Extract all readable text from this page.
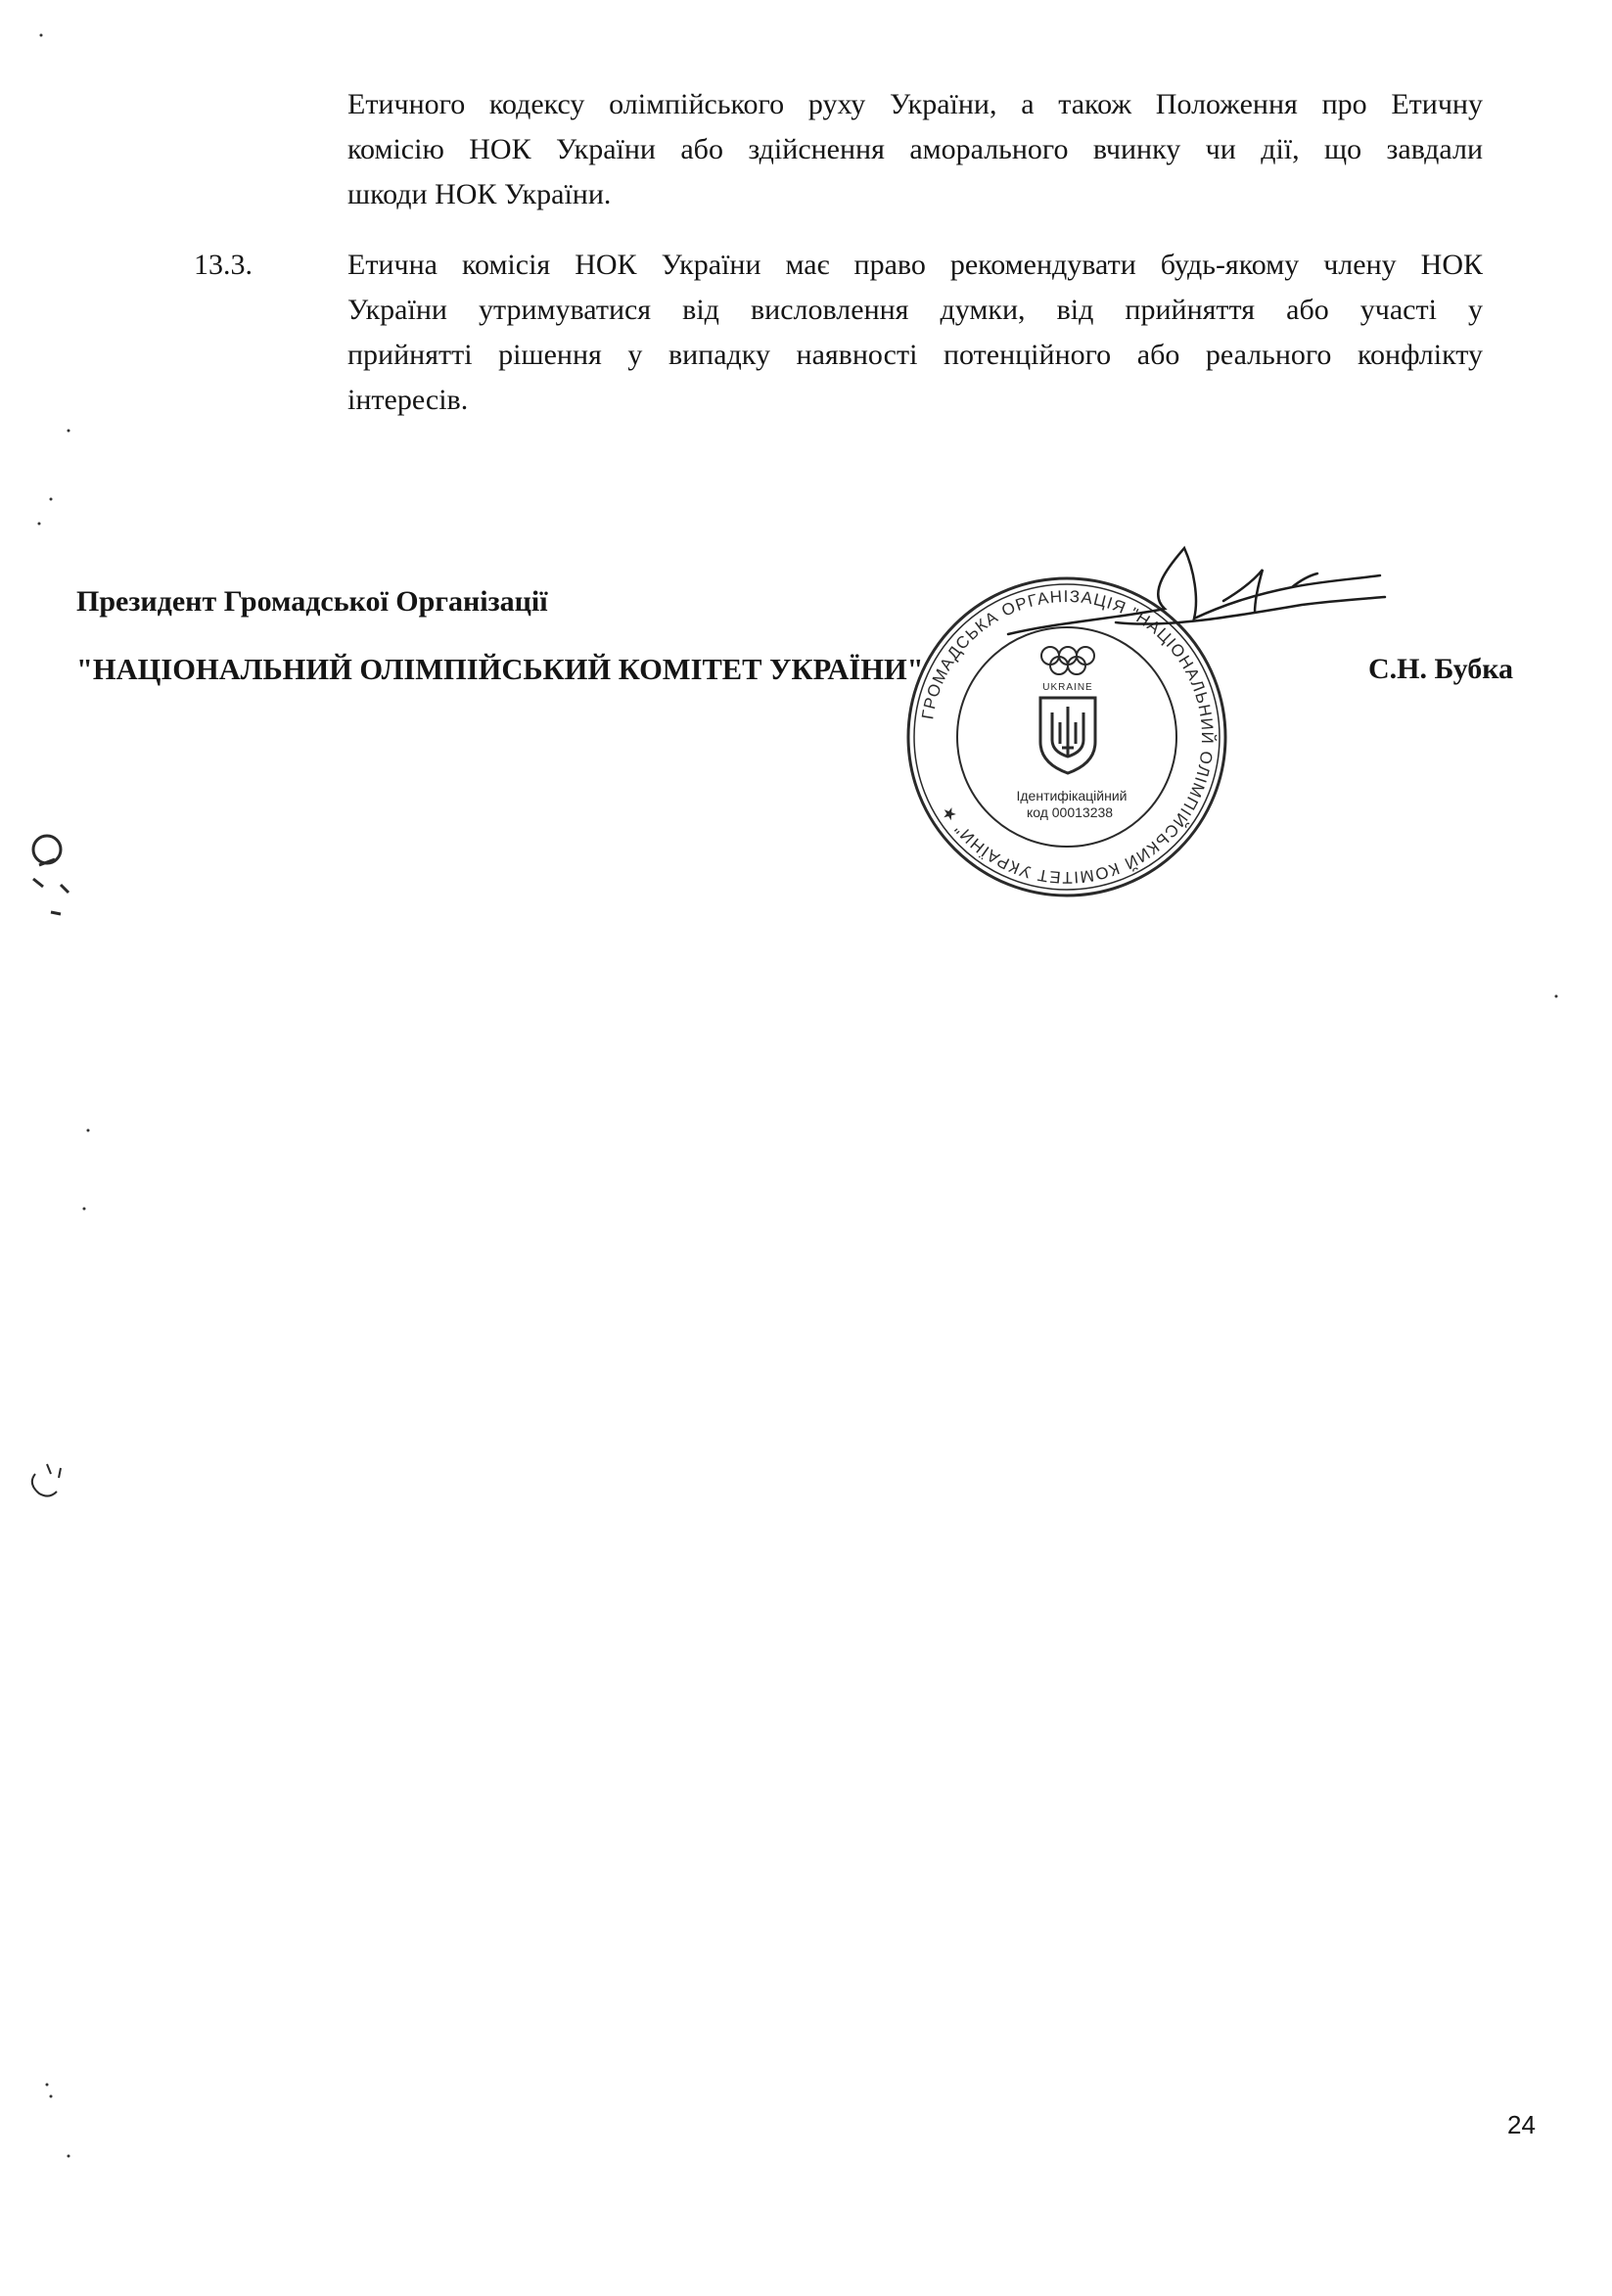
Етичного кодексу олімпійського руху України, а також Положення про Етичну
комісію НОК України або здійснення аморального вчинку чи дії, що завдали
шкоди НОК України.
13.3.	Етична комісія НОК України має право рекомендувати будь-якому члену НОК
України утримуватися від висловлення думки, від прийняття або участі у
прийнятті рішення у випадку наявності потенційного або реального конфлікту
інтересів.
Президент Громадської Організації
"НАЦІОНАЛЬНИЙ ОЛІМПІЙСЬКИЙ КОМІТЕТ УКРАЇНИ"	С.Н. Бубка
ГРОМАДСЬКА ОРГАНІЗАЦІЯ "НАЦІОНАЛЬНИЙ ОЛІМПІЙСЬКИЙ КОМІТЕТ УКРАЇНИ" ★
UKRAINE
Ідентифікаційний
код 00013238
24
